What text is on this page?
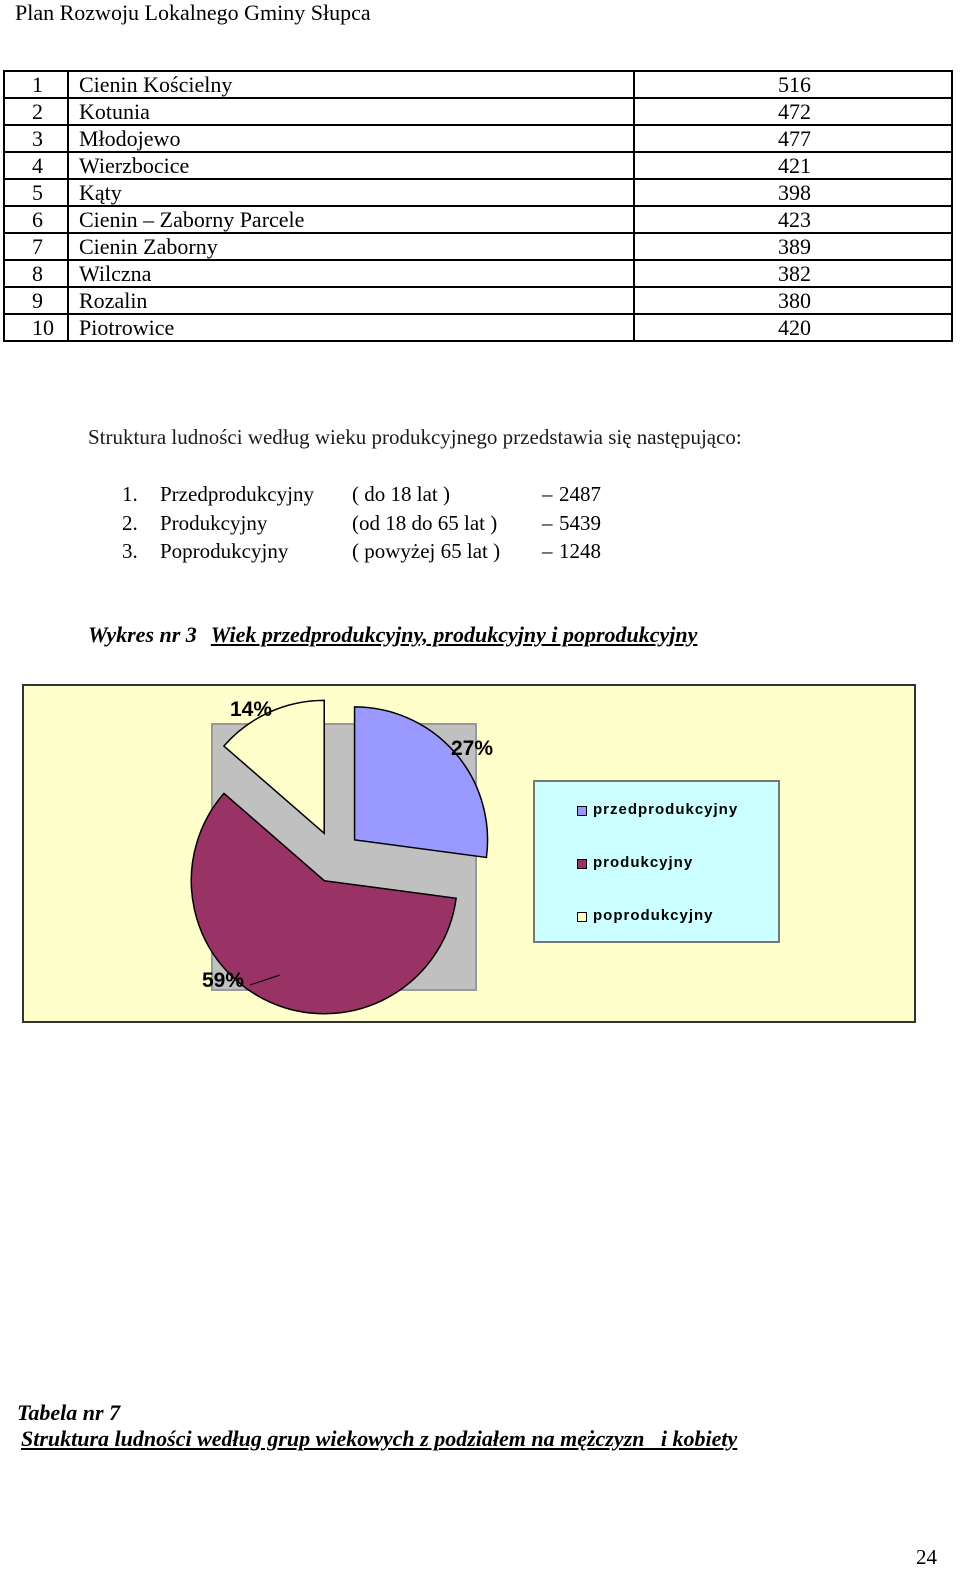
Plan Rozwoju Lokalnego Gminy Słupca
1	Cienin Kościelny	516
2	Kotunia	472
3	Młodojewo	477
4	Wierzbocice	421
5	Kąty	398
6	Cienin – Zaborny Parcele	423
7	Cienin Zaborny	389
8	Wilczna	382
9	Rozalin	380
10	Piotrowice	420
Struktura ludności według wieku produkcyjnego przedstawia się następująco:
1. Przedprodukcyjny ( do 18 lat )	– 2487
2. Produkcyjny	(od 18 do 65 lat ) – 5439
3. Poprodukcyjny	( powyżej 65 lat ) – 1248
Wykres nr 3 Wiek przedprodukcyjny, produkcyjny i poprodukcyjny
27%
59%
14%
przedprodukcyjny
produkcyjny
poprodukcyjny
Tabela nr 7
Struktura ludności według grup wiekowych z podziałem na mężczyzn   i kobiety
24
